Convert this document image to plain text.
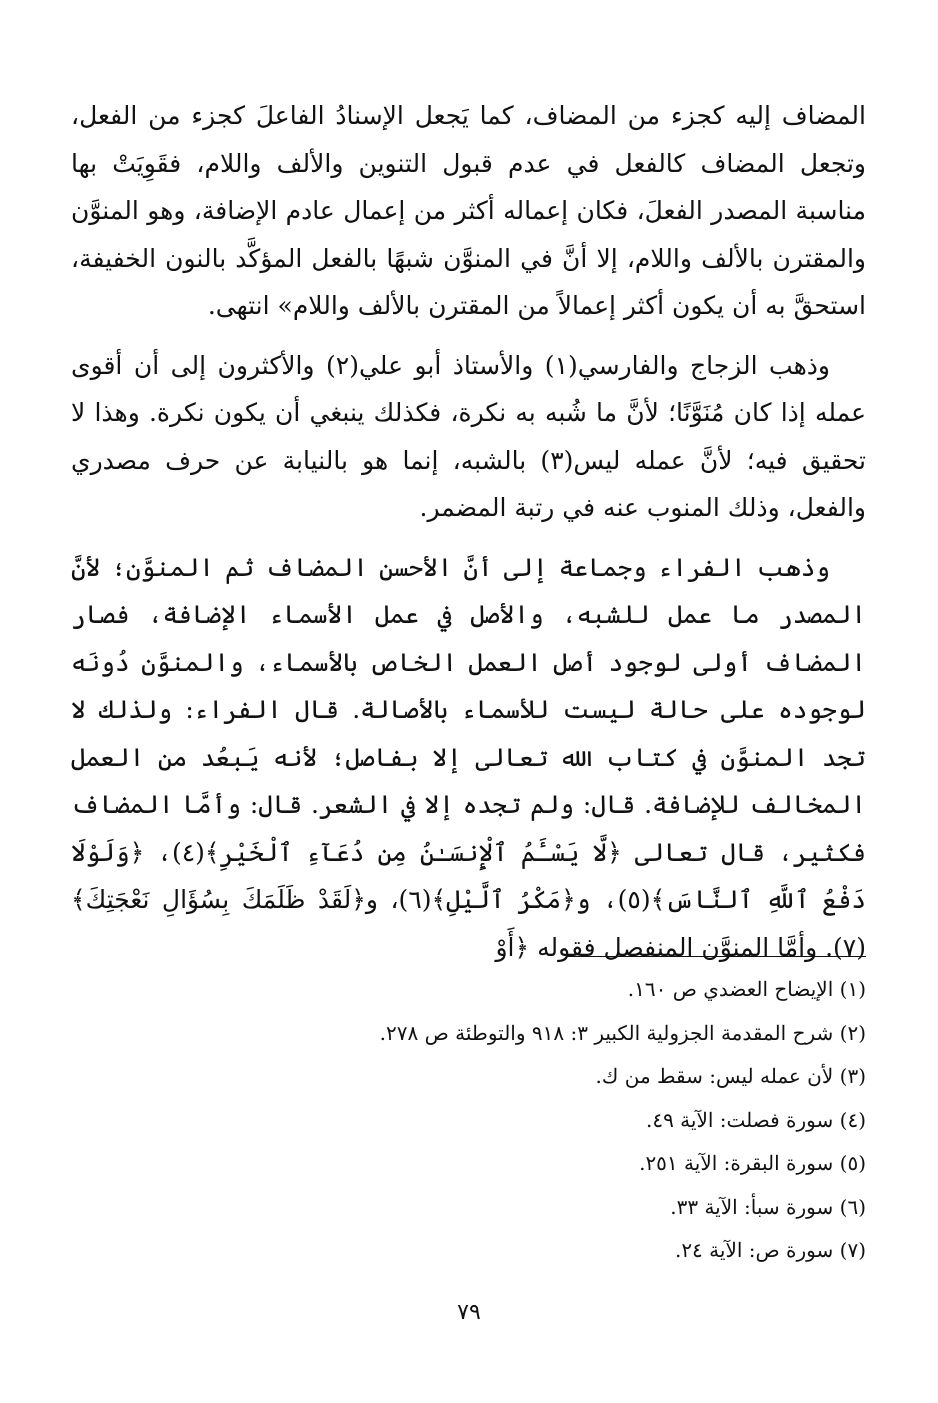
المضاف إليه كجزء من المضاف، كما يَجعل الإسنادُ الفاعلَ كجزء من الفعل، وتجعل المضاف كالفعل في عدم قبول التنوين والألف واللام، فقَوِيَتْ بها مناسبة المصدر الفعلَ، فكان إعماله أكثر من إعمال عادم الإضافة، وهو المنوَّن والمقترن بالألف واللام، إلا أنَّ في المنوَّن شبهًا بالفعل المؤكَّد بالنون الخفيفة، استحقَّ به أن يكون أكثر إعمالاً من المقترن بالألف واللام» انتهى.

وذهب الزجاج والفارسي(١) والأستاذ أبو علي(٢) والأكثرون إلى أن أقوى عمله إذا كان مُنَوَّنًا؛ لأنَّ ما شُبه به نكرة، فكذلك ينبغي أن يكون نكرة. وهذا لا تحقيق فيه؛ لأنَّ عمله ليس(٣) بالشبه، إنما هو بالنيابة عن حرف مصدري والفعل، وذلك المنوب عنه في رتبة المضمر.

وذهب الفراء وجماعة إلى أنَّ الأحسن المضاف ثم المنوَّن؛ لأنَّ المصدر ما عمل للشبه، والأصل في عمل الأسماء الإضافة، فصار المضاف أولى لوجود أصل العمل الخاص بالأسماء، والمنوَّن دُونَه لوجوده على حالة ليست للأسماء بالأصالة. قال الفراء: ولذلك لا تجد المنوَّن في كتاب الله تعالى إلا بفاصل؛ لأنه يَبعُد من العمل المخالف للإضافة. قال: ولم تجده إلا في الشعر. قال: وأمَّا المضاف فكثير، قال تعالى ﴿لَّا يَسْـَٔمُ ٱلْإِنسَـٰنُ مِن دُعَآءِ ٱلْخَيْرِ﴾(٤)، ﴿وَلَوْلَا دَفْعُ ٱللَّهِ ٱلنَّاسَ﴾(٥)، و﴿مَكْرُ ٱلَّيْلِ﴾(٦)، و﴿لَقَدْ ظَلَمَكَ بِسُؤَالِ نَعْجَتِكَ﴾(٧). وأمَّا المنوَّن المنفصل فقوله ﴿أَوْ

(١) الإيضاح العضدي ص ١٦٠.
(٢) شرح المقدمة الجزولية الكبير ٣: ٩١٨ والتوطئة ص ٢٧٨.
(٣) لأن عمله ليس: سقط من ك.
(٤) سورة فصلت: الآية ٤٩.
(٥) سورة البقرة: الآية ٢٥١.
(٦) سورة سبأ: الآية ٣٣.
(٧) سورة ص: الآية ٢٤.
٧٩
